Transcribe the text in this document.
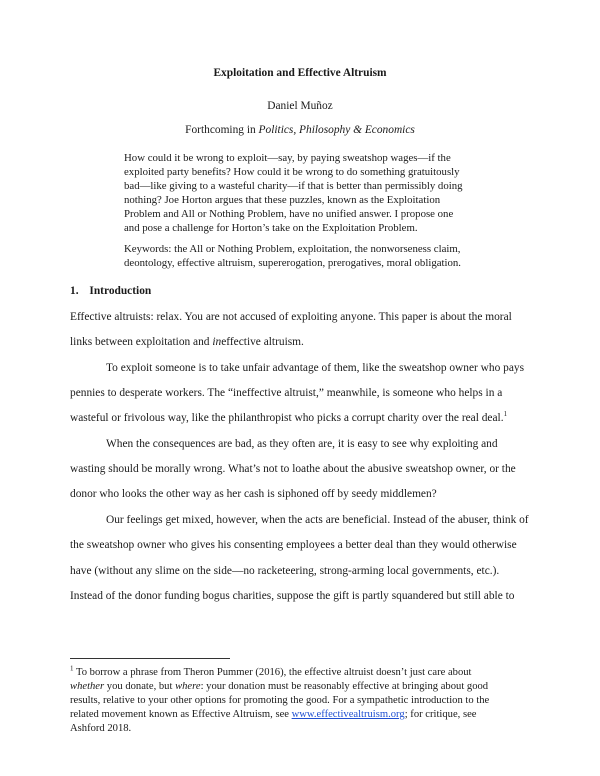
Exploitation and Effective Altruism
Daniel Muñoz
Forthcoming in Politics, Philosophy & Economics
How could it be wrong to exploit—say, by paying sweatshop wages—if the
exploited party benefits? How could it be wrong to do something gratuitously
bad—like giving to a wasteful charity—if that is better than permissibly doing
nothing? Joe Horton argues that these puzzles, known as the Exploitation
Problem and All or Nothing Problem, have no unified answer. I propose one
and pose a challenge for Horton’s take on the Exploitation Problem.
Keywords: the All or Nothing Problem, exploitation, the nonworseness claim,
deontology, effective altruism, supererogation, prerogatives, moral obligation.
1. Introduction
Effective altruists: relax. You are not accused of exploiting anyone. This paper is about the moral
links between exploitation and ineffective altruism.
To exploit someone is to take unfair advantage of them, like the sweatshop owner who pays
pennies to desperate workers. The “ineffective altruist,” meanwhile, is someone who helps in a
wasteful or frivolous way, like the philanthropist who picks a corrupt charity over the real deal.$^1$
When the consequences are bad, as they often are, it is easy to see why exploiting and
wasting should be morally wrong. What’s not to loathe about the abusive sweatshop owner, or the
donor who looks the other way as her cash is siphoned off by seedy middlemen?
Our feelings get mixed, however, when the acts are beneficial. Instead of the abuser, think of
the sweatshop owner who gives his consenting employees a better deal than they would otherwise
have (without any slime on the side—no racketeering, strong-arming local governments, etc.).
Instead of the donor funding bogus charities, suppose the gift is partly squandered but still able to
$^1$ To borrow a phrase from Theron Pummer (2016), the effective altruist doesn’t just care about
whether you donate, but where: your donation must be reasonably effective at bringing about good
results, relative to your other options for promoting the good. For a sympathetic introduction to the
related movement known as Effective Altruism, see www.effectivealtruism.org; for critique, see
Ashford 2018.
